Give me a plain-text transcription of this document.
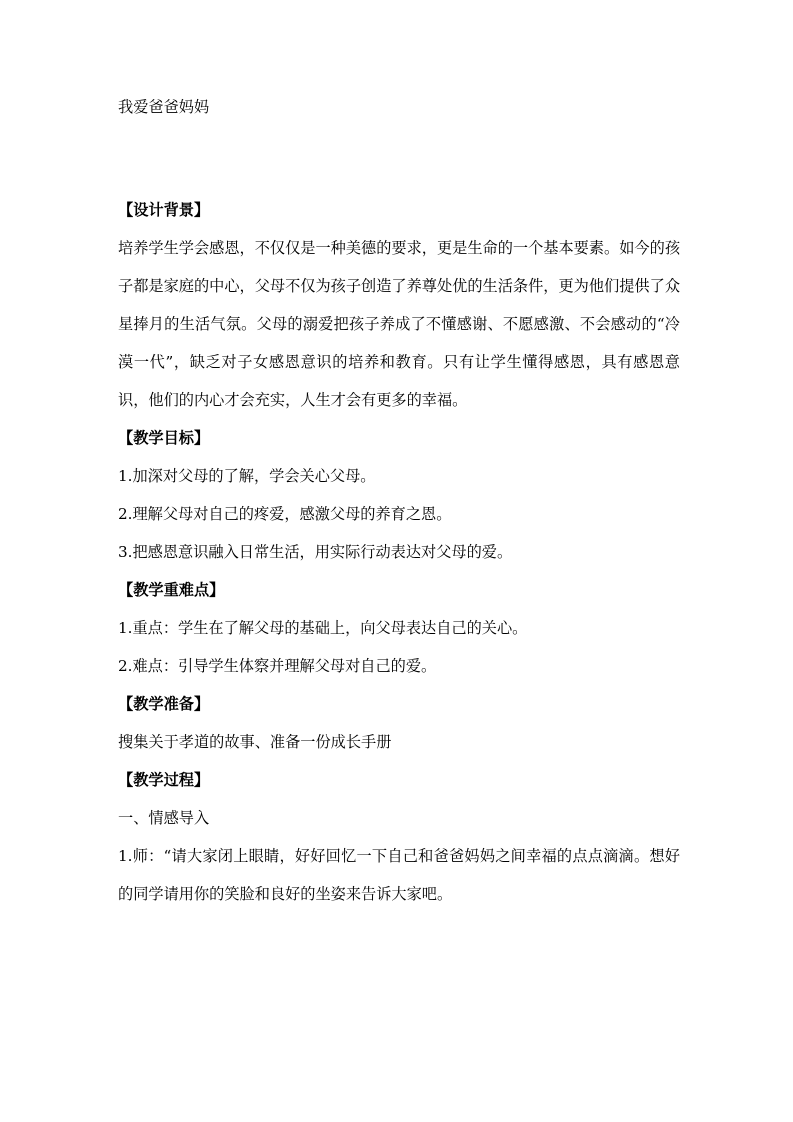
我爱爸爸妈妈
【设计背景】
培养学生学会感恩，不仅仅是一种美德的要求，更是生命的一个基本要素。如今的孩子都是家庭的中心，父母不仅为孩子创造了养尊处优的生活条件，更为他们提供了众星捧月的生活气氛。父母的溺爱把孩子养成了不懂感谢、不愿感激、不会感动的“冷漠一代”，缺乏对子女感恩意识的培养和教育。只有让学生懂得感恩，具有感恩意识，他们的内心才会充实，人生才会有更多的幸福。
【教学目标】
1.加深对父母的了解，学会关心父母。
2.理解父母对自己的疼爱，感激父母的养育之恩。
3.把感恩意识融入日常生活，用实际行动表达对父母的爱。
【教学重难点】
1.重点：学生在了解父母的基础上，向父母表达自己的关心。
2.难点：引导学生体察并理解父母对自己的爱。
【教学准备】
搜集关于孝道的故事、准备一份成长手册
【教学过程】
一、情感导入
1.师：“请大家闭上眼睛，好好回忆一下自己和爸爸妈妈之间幸福的点点滴滴。想好的同学请用你的笑脸和良好的坐姿来告诉大家吧。
